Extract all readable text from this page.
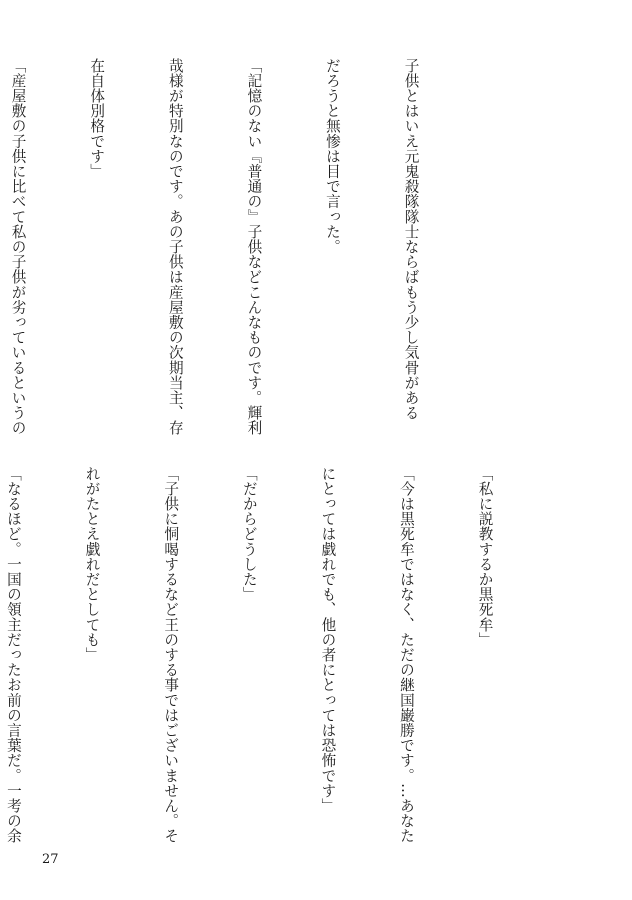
子供とはいえ元鬼殺隊隊士ならばもう少し気骨がある

だろうと無惨は目で言った。

「記憶のない『普通の』子供などこんなものです。輝利

哉様が特別なのです。あの子供は産屋敷の次期当主、存

在自体別格です」

「産屋敷の子供に比べて私の子供が劣っているというの

「私に説教するか黒死牟」

「今は黒死牟ではなく、ただの継国巌勝です。…あなた

にとっては戯れでも、他の者にとっては恐怖です」

「だからどうした」

「子供に恫喝するなど王のする事ではございません。そ

れがたとえ戯れだとしても」

「なるほど。一国の領主だったお前の言葉だ。一考の余

27
